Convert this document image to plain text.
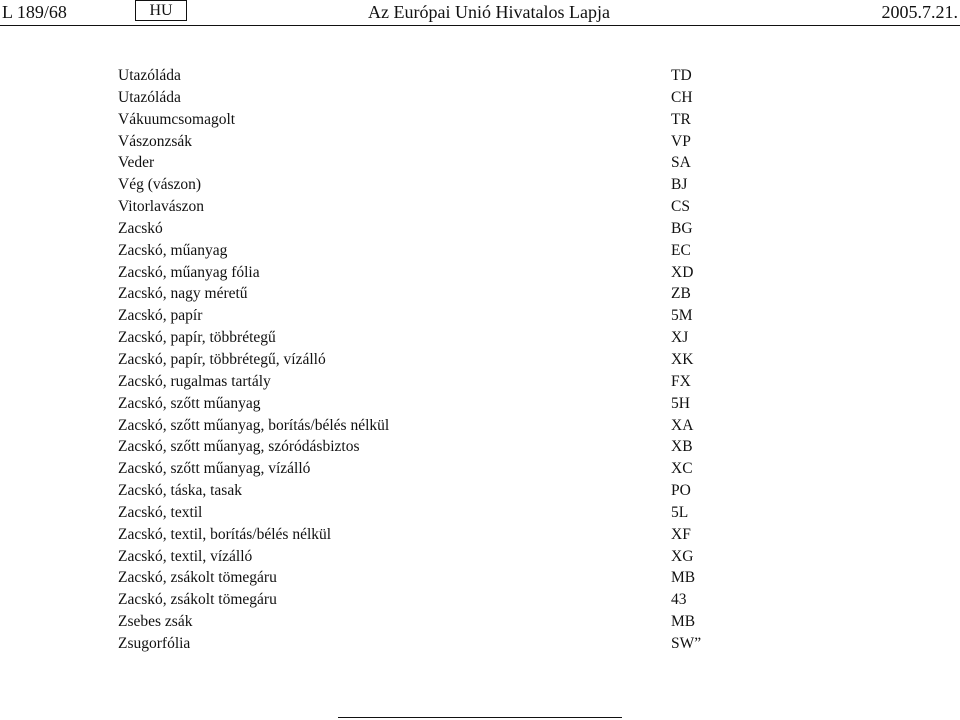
L 189/68	HU	Az Európai Unió Hivatalos Lapja	2005.7.21.
Utazóláda	TD
Utazóláda	CH
Vákuumcsomagolt	TR
Vászonzsák	VP
Veder	SA
Vég (vászon)	BJ
Vitorlavászon	CS
Zacskó	BG
Zacskó, műanyag	EC
Zacskó, műanyag fólia	XD
Zacskó, nagy méretű	ZB
Zacskó, papír	5M
Zacskó, papír, többrétegű	XJ
Zacskó, papír, többrétegű, vízálló	XK
Zacskó, rugalmas tartály	FX
Zacskó, szőtt műanyag	5H
Zacskó, szőtt műanyag, borítás/bélés nélkül	XA
Zacskó, szőtt műanyag, szóródásbiztos	XB
Zacskó, szőtt műanyag, vízálló	XC
Zacskó, táska, tasak	PO
Zacskó, textil	5L
Zacskó, textil, borítás/bélés nélkül	XF
Zacskó, textil, vízálló	XG
Zacskó, zsákolt tömegáru	MB
Zacskó, zsákolt tömegáru	43
Zsebes zsák	MB
Zsugorfólia	SW”
